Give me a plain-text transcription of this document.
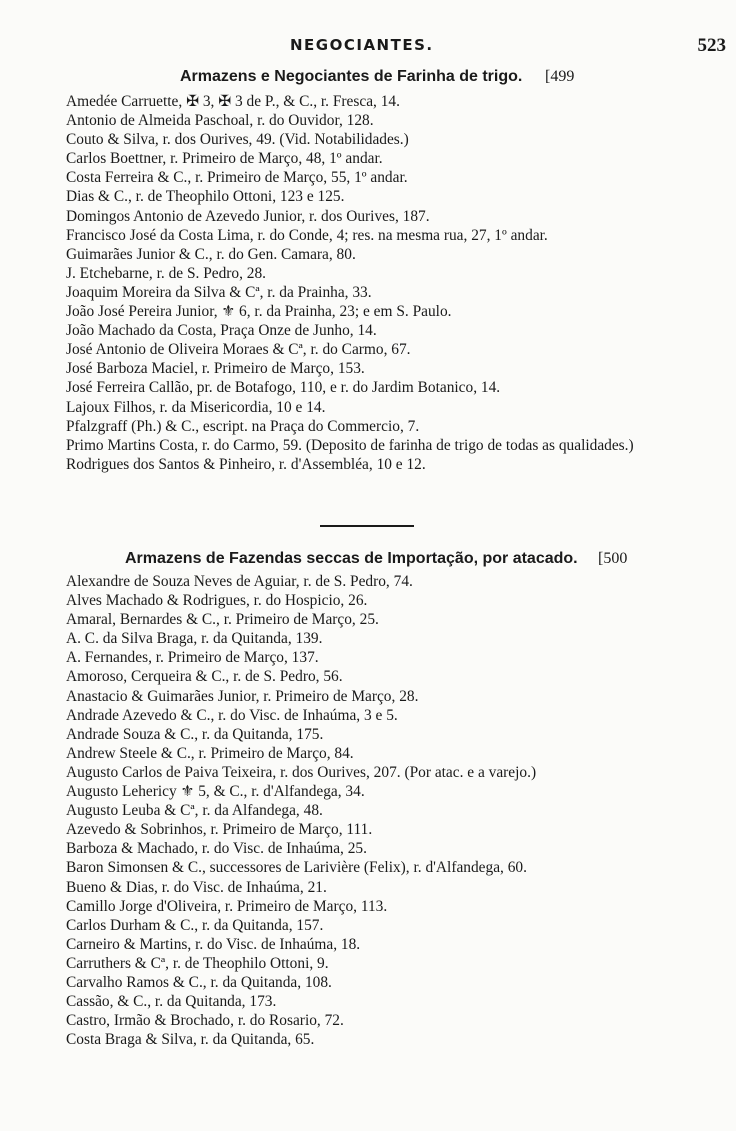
NEGOCIANTES.	523
Armazens e Negociantes de Farinha de trigo. [499
Amedée Carruette, ✠ 3, ✠ 3 de P., & C., r. Fresca, 14.
Antonio de Almeida Paschoal, r. do Ouvidor, 128.
Couto & Silva, r. dos Ourives, 49. (Vid. Notabilidades.)
Carlos Boettner, r. Primeiro de Março, 48, 1º andar.
Costa Ferreira & C., r. Primeiro de Março, 55, 1º andar.
Dias & C., r. de Theophilo Ottoni, 123 e 125.
Domingos Antonio de Azevedo Junior, r. dos Ourives, 187.
Francisco José da Costa Lima, r. do Conde, 4; res. na mesma rua, 27, 1º andar.
Guimarães Junior & C., r. do Gen. Camara, 80.
J. Etchebarne, r. de S. Pedro, 28.
Joaquim Moreira da Silva & Cª, r. da Prainha, 33.
João José Pereira Junior, ⚜ 6, r. da Prainha, 23; e em S. Paulo.
João Machado da Costa, Praça Onze de Junho, 14.
José Antonio de Oliveira Moraes & Cª, r. do Carmo, 67.
José Barboza Maciel, r. Primeiro de Março, 153.
José Ferreira Callão, pr. de Botafogo, 110, e r. do Jardim Botanico, 14.
Lajoux Filhos, r. da Misericordia, 10 e 14.
Pfalzgraff (Ph.) & C., escript. na Praça do Commercio, 7.
Primo Martins Costa, r. do Carmo, 59. (Deposito de farinha de trigo de todas as qualidades.)
Rodrigues dos Santos & Pinheiro, r. d'Assembléa, 10 e 12.
Armazens de Fazendas seccas de Importação, por atacado. [500
Alexandre de Souza Neves de Aguiar, r. de S. Pedro, 74.
Alves Machado & Rodrigues, r. do Hospicio, 26.
Amaral, Bernardes & C., r. Primeiro de Março, 25.
A. C. da Silva Braga, r. da Quitanda, 139.
A. Fernandes, r. Primeiro de Março, 137.
Amoroso, Cerqueira & C., r. de S. Pedro, 56.
Anastacio & Guimarães Junior, r. Primeiro de Março, 28.
Andrade Azevedo & C., r. do Visc. de Inhaúma, 3 e 5.
Andrade Souza & C., r. da Quitanda, 175.
Andrew Steele & C., r. Primeiro de Março, 84.
Augusto Carlos de Paiva Teixeira, r. dos Ourives, 207. (Por atac. e a varejo.)
Augusto Lehericy ⚜ 5, & C., r. d'Alfandega, 34.
Augusto Leuba & Cª, r. da Alfandega, 48.
Azevedo & Sobrinhos, r. Primeiro de Março, 111.
Barboza & Machado, r. do Visc. de Inhaúma, 25.
Baron Simonsen & C., successores de Larivière (Felix), r. d'Alfandega, 60.
Bueno & Dias, r. do Visc. de Inhaúma, 21.
Camillo Jorge d'Oliveira, r. Primeiro de Março, 113.
Carlos Durham & C., r. da Quitanda, 157.
Carneiro & Martins, r. do Visc. de Inhaúma, 18.
Carruthers & Cª, r. de Theophilo Ottoni, 9.
Carvalho Ramos & C., r. da Quitanda, 108.
Cassão, & C., r. da Quitanda, 173.
Castro, Irmão & Brochado, r. do Rosario, 72.
Costa Braga & Silva, r. da Quitanda, 65.
